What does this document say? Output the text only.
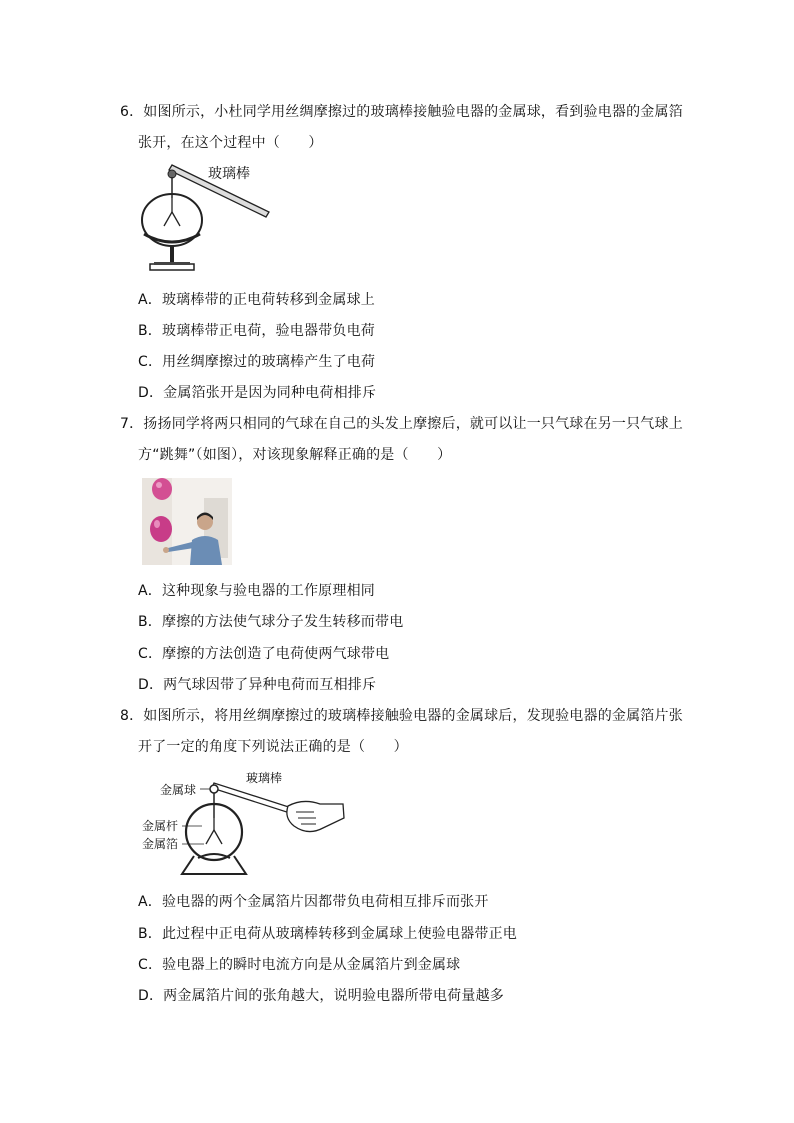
6．如图所示，小杜同学用丝绸摩擦过的玻璃棒接触验电器的金属球，看到验电器的金属箔
张开，在这个过程中（　　）
玻璃棒
A．玻璃棒带的正电荷转移到金属球上
B．玻璃棒带正电荷，验电器带负电荷
C．用丝绸摩擦过的玻璃棒产生了电荷
D．金属箔张开是因为同种电荷相排斥
7．扬扬同学将两只相同的气球在自己的头发上摩擦后，就可以让一只气球在另一只气球上
方“跳舞”（如图），对该现象解释正确的是（　　）
A．这种现象与验电器的工作原理相同
B．摩擦的方法使气球分子发生转移而带电
C．摩擦的方法创造了电荷使两气球带电
D．两气球因带了异种电荷而互相排斥
8．如图所示，将用丝绸摩擦过的玻璃棒接触验电器的金属球后，发现验电器的金属箔片张
开了一定的角度下列说法正确的是（　　）
玻璃棒
金属球
金属杆
金属箔
A．验电器的两个金属箔片因都带负电荷相互排斥而张开
B．此过程中正电荷从玻璃棒转移到金属球上使验电器带正电
C．验电器上的瞬时电流方向是从金属箔片到金属球
D．两金属箔片间的张角越大，说明验电器所带电荷量越多
